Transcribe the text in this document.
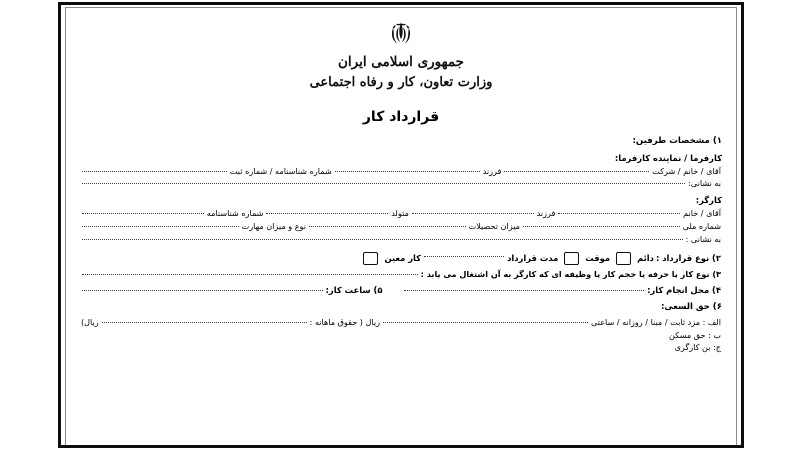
جمهوری اسلامی ایران
وزارت تعاون، کار و رفاه اجتماعی
قرارداد کار
۱) مشخصات طرفین:
کارفرما / نماینده کارفرما:
آقای / خانم / شرکت
فرزند
شماره شناسنامه / شماره ثبت
به نشانی:
کارگر:
آقای / خانم
فرزند
متولد
شماره شناسنامه
شماره ملی
میزان تحصیلات
نوع و میزان مهارت
به نشانی :
۲) نوع قرارداد :
دائم
موقت
مدت قرارداد
کار معین
۳) نوع کار یا حرفه یا حجم کار یا وظیفه ای که کارگر به آن اشتغال می یابد :
۴) محل انجام کار:
۵) ساعت کار:
۶) حق السعی:
الف : مزد ثابت / مبنا / روزانه / ساعتی
ریال ( حقوق ماهانه :
ریال)
ب : حق مسکن
ج: بن کارگری
